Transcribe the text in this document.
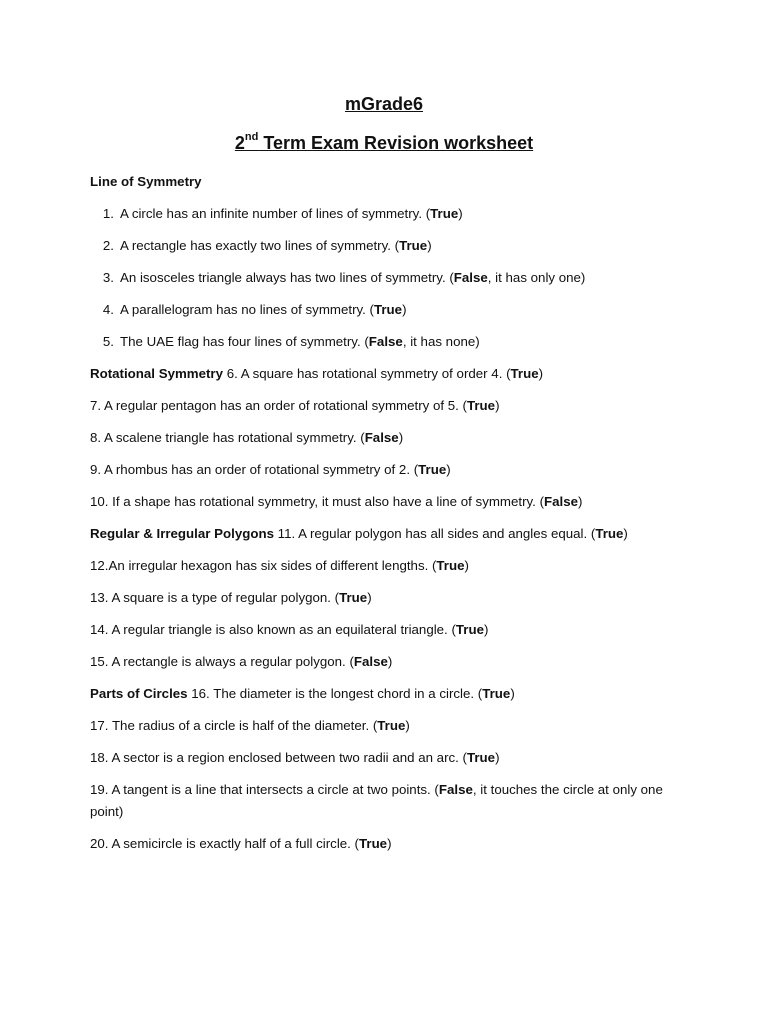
mGrade6
2nd Term Exam Revision worksheet
Line of Symmetry
1. A circle has an infinite number of lines of symmetry. (True)
2. A rectangle has exactly two lines of symmetry. (True)
3. An isosceles triangle always has two lines of symmetry. (False, it has only one)
4. A parallelogram has no lines of symmetry. (True)
5. The UAE flag has four lines of symmetry. (False, it has none)
Rotational Symmetry 6. A square has rotational symmetry of order 4. (True)
7. A regular pentagon has an order of rotational symmetry of 5. (True)
8. A scalene triangle has rotational symmetry. (False)
9. A rhombus has an order of rotational symmetry of 2. (True)
10. If a shape has rotational symmetry, it must also have a line of symmetry. (False)
Regular & Irregular Polygons 11. A regular polygon has all sides and angles equal. (True)
12.An irregular hexagon has six sides of different lengths. (True)
13. A square is a type of regular polygon. (True)
14. A regular triangle is also known as an equilateral triangle. (True)
15. A rectangle is always a regular polygon. (False)
Parts of Circles 16. The diameter is the longest chord in a circle. (True)
17. The radius of a circle is half of the diameter. (True)
18. A sector is a region enclosed between two radii and an arc. (True)
19. A tangent is a line that intersects a circle at two points. (False, it touches the circle at only one point)
20. A semicircle is exactly half of a full circle. (True)
